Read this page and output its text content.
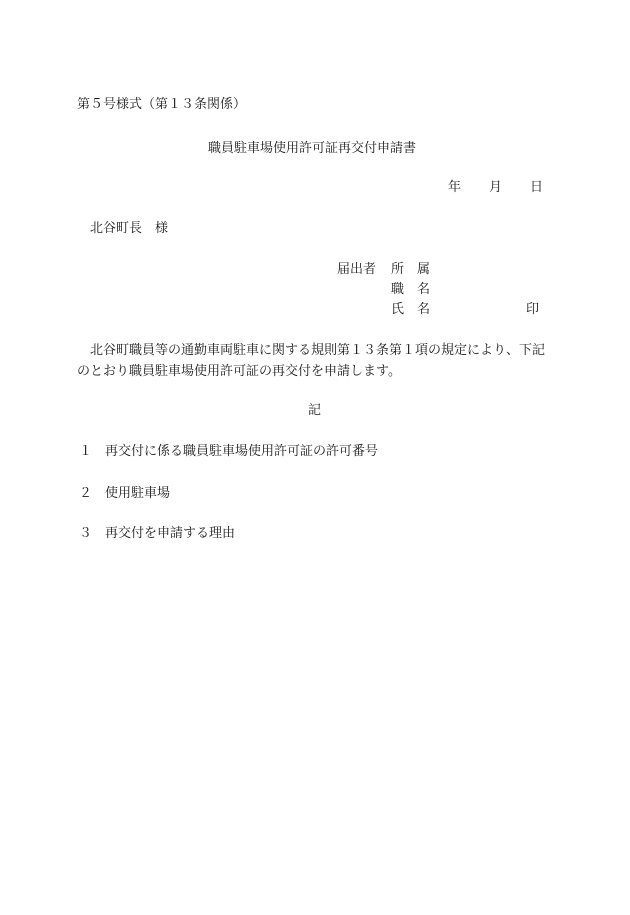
第５号様式（第１３条関係）
職員駐車場使用許可証再交付申請書
年 月 日
北谷町長　様
届出者 所　属
職　名
氏　名	印
北谷町職員等の通勤車両駐車に関する規則第１３条第１項の規定により、下記
のとおり職員駐車場使用許可証の再交付を申請します。
記
１ 再交付に係る職員駐車場使用許可証の許可番号
２ 使用駐車場
３ 再交付を申請する理由
